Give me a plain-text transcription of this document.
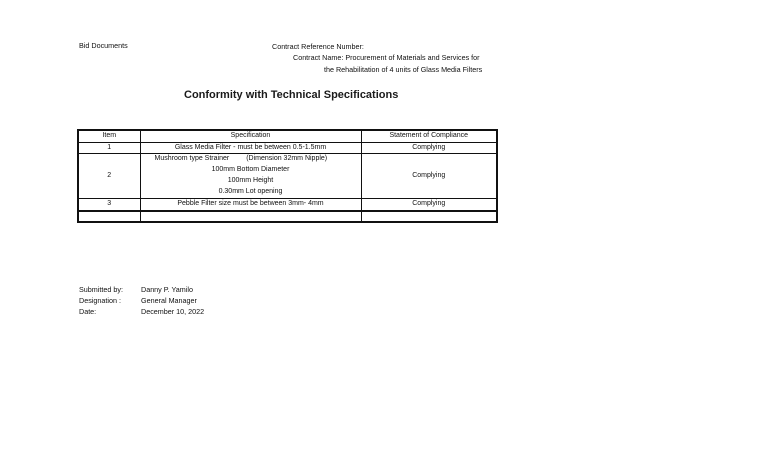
Bid Documents	Contract Reference Number:
Contract Name: Procurement of Materials and Services for
the Rehabilitation of 4 units of Glass Media Filters
Conformity with Technical Specifications
Item	Specification	Statement of Compliance
1	Glass Media Filter - must be between 0.5-1.5mm	Complying
2	Mushroom type Strainer (Dimension 32mm Nipple)
100mm Bottom Diameter
100mm Height
0.30mm Lot opening	Complying
3	Pebble Filter size must be between 3mm- 4mm	Complying

Submitted by:	Danny P. Yamilo
Designation :	General Manager
Date:	December 10, 2022
